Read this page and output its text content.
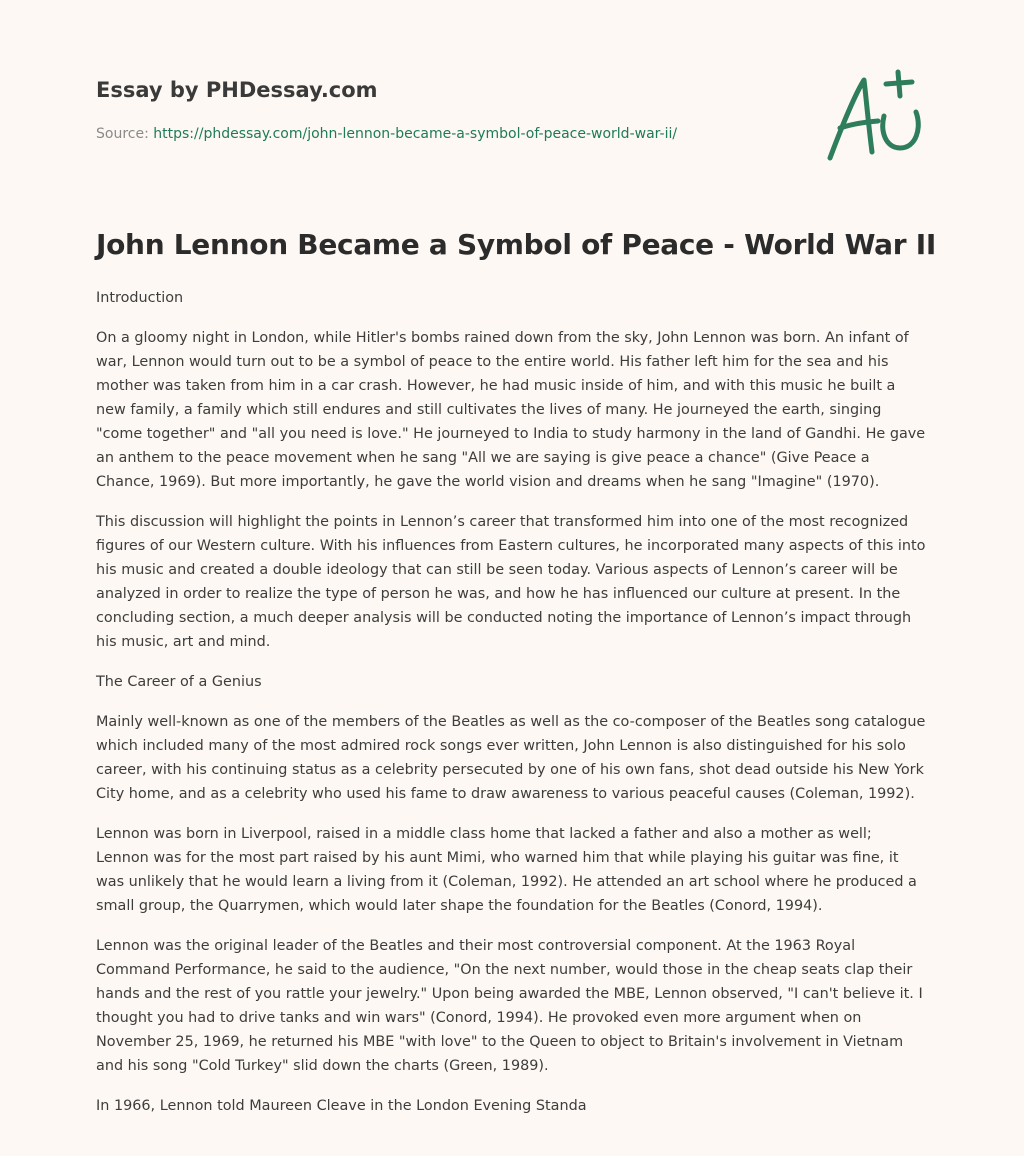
Essay by PHDessay.com
Source: https://phdessay.com/john-lennon-became-a-symbol-of-peace-world-war-ii/
John Lennon Became a Symbol of Peace - World War II

Introduction

On a gloomy night in London, while Hitler's bombs rained down from the sky, John Lennon was born. An infant of war, Lennon would turn out to be a symbol of peace to the entire world. His father left him for the sea and his mother was taken from him in a car crash. However, he had music inside of him, and with this music he built a new family, a family which still endures and still cultivates the lives of many. He journeyed the earth, singing "come together" and "all you need is love." He journeyed to India to study harmony in the land of Gandhi. He gave an anthem to the peace movement when he sang "All we are saying is give peace a chance" (Give Peace a Chance, 1969). But more importantly, he gave the world vision and dreams when he sang "Imagine" (1970).

This discussion will highlight the points in Lennon’s career that transformed him into one of the most recognized figures of our Western culture. With his influences from Eastern cultures, he incorporated many aspects of this into his music and created a double ideology that can still be seen today. Various aspects of Lennon’s career will be analyzed in order to realize the type of person he was, and how he has influenced our culture at present. In the concluding section, a much deeper analysis will be conducted noting the importance of Lennon’s impact through his music, art and mind.

The Career of a Genius

Mainly well-known as one of the members of the Beatles as well as the co-composer of the Beatles song catalogue which included many of the most admired rock songs ever written, John Lennon is also distinguished for his solo career, with his continuing status as a celebrity persecuted by one of his own fans, shot dead outside his New York City home, and as a celebrity who used his fame to draw awareness to various peaceful causes (Coleman, 1992).

Lennon was born in Liverpool, raised in a middle class home that lacked a father and also a mother as well; Lennon was for the most part raised by his aunt Mimi, who warned him that while playing his guitar was fine, it was unlikely that he would learn a living from it (Coleman, 1992). He attended an art school where he produced a small group, the Quarrymen, which would later shape the foundation for the Beatles (Conord, 1994).

Lennon was the original leader of the Beatles and their most controversial component. At the 1963 Royal Command Performance, he said to the audience, "On the next number, would those in the cheap seats clap their hands and the rest of you rattle your jewelry." Upon being awarded the MBE, Lennon observed, "I can't believe it. I thought you had to drive tanks and win wars" (Conord, 1994). He provoked even more argument when on November 25, 1969, he returned his MBE "with love" to the Queen to object to Britain's involvement in Vietnam and his song "Cold Turkey" slid down the charts (Green, 1989).

In 1966, Lennon told Maureen Cleave in the London Evening Standa
